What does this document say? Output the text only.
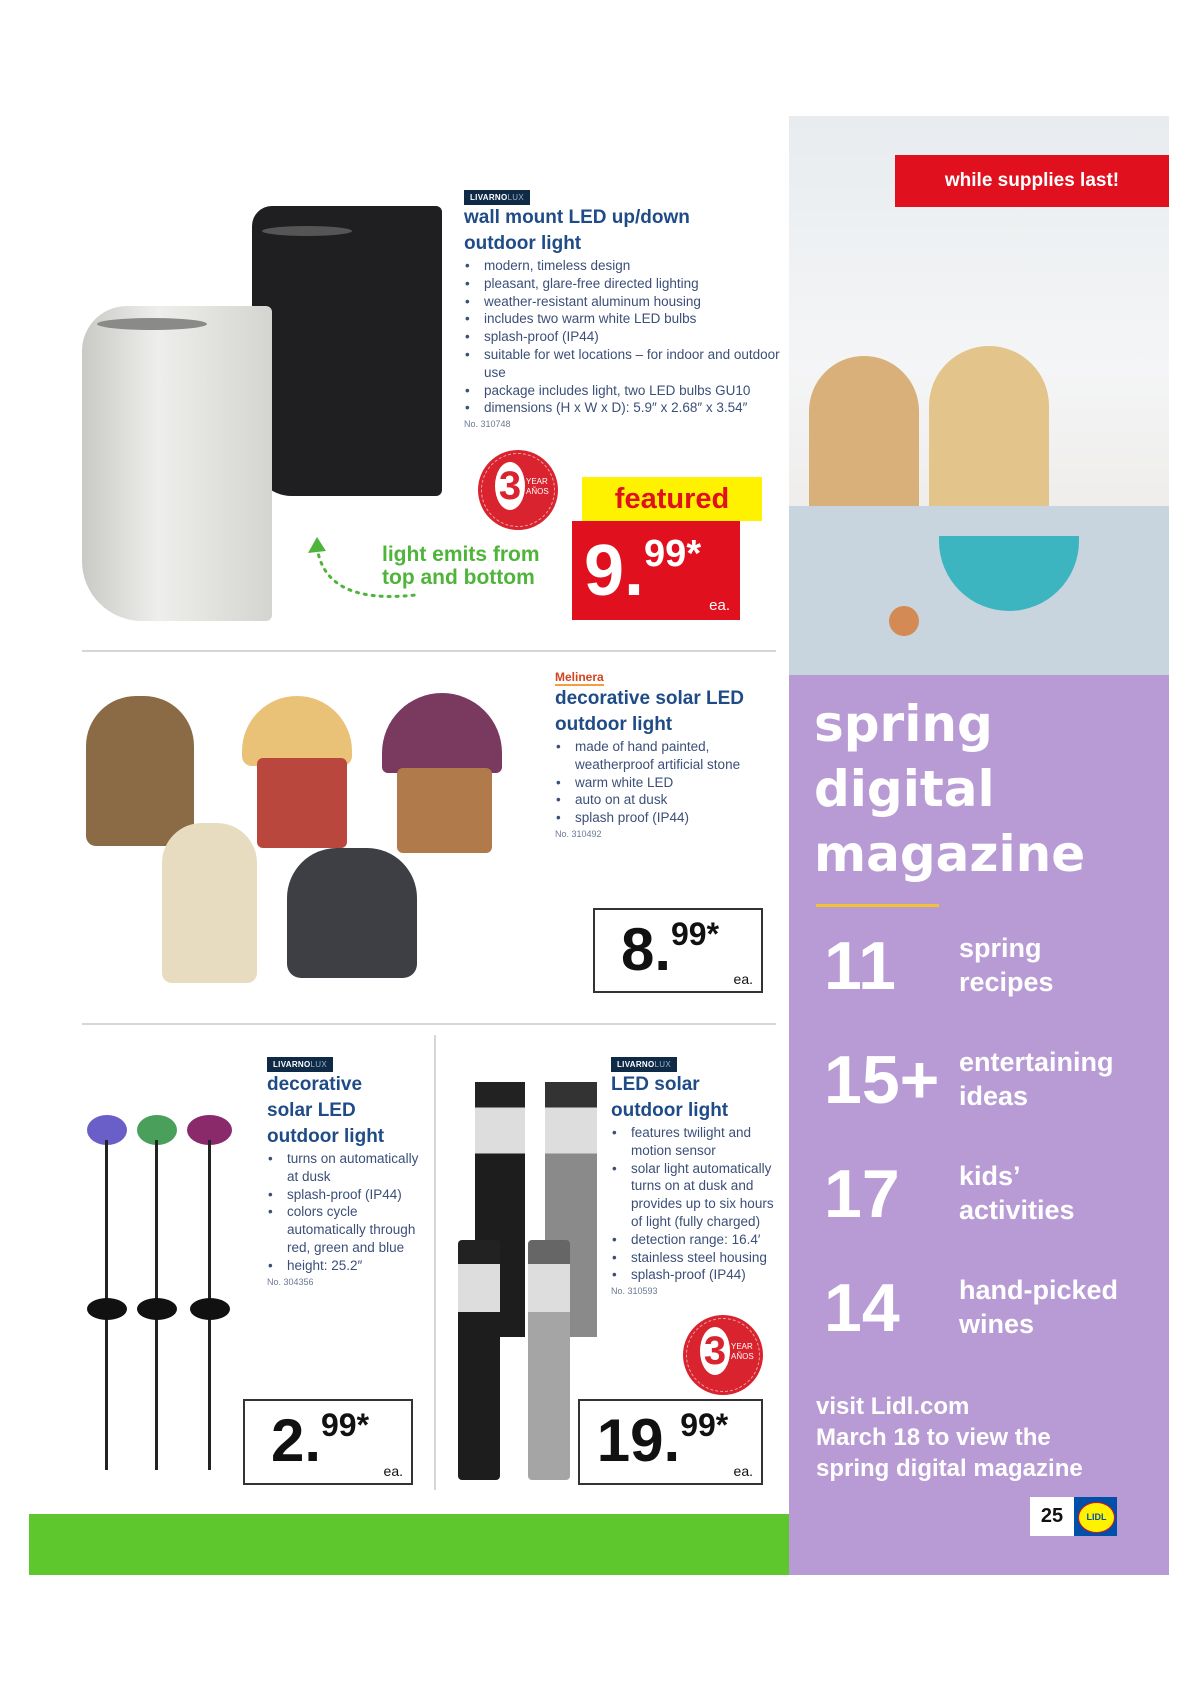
LIVARNOLUX
wall mount LED up/down
outdoor light
• modern, timeless design
• pleasant, glare-free directed lighting
• weather-resistant aluminum housing
• includes two warm white LED bulbs
• splash-proof (IP44)
• suitable for wet locations – for indoor and outdoor use
• package includes light, two LED bulbs GU10
• dimensions (H x W x D): 5.9″ x 2.68″ x 3.54″
No. 310748
3 YEAR
AÑOS
light emits from
top and bottom
featured
9. 99*
ea.
Melinera
decorative solar LED
outdoor light
• made of hand painted, weatherproof artificial stone
• warm white LED
• auto on at dusk
• splash proof (IP44)
No. 310492
8. 99*
ea.
LIVARNOLUX
decorative
solar LED
outdoor light
• turns on automatically at dusk
• splash-proof (IP44)
• colors cycle automatically through red, green and blue
• height: 25.2″
No. 304356
2. 99*
ea.
LIVARNOLUX
LED solar
outdoor light
• features twilight and motion sensor
• solar light automatically turns on at dusk and provides up to six hours of light (fully charged)
• detection range: 16.4′
• stainless steel housing
• splash-proof (IP44)
No. 310593
3 YEAR
AÑOS
19. 99*
ea.
while supplies last!
spring
digital
magazine
11 spring
recipes
15+ entertaining
ideas
17 kids’
activities
14 hand-picked
wines
visit Lidl.com
March 18 to view the
spring digital magazine
25	LIDL
